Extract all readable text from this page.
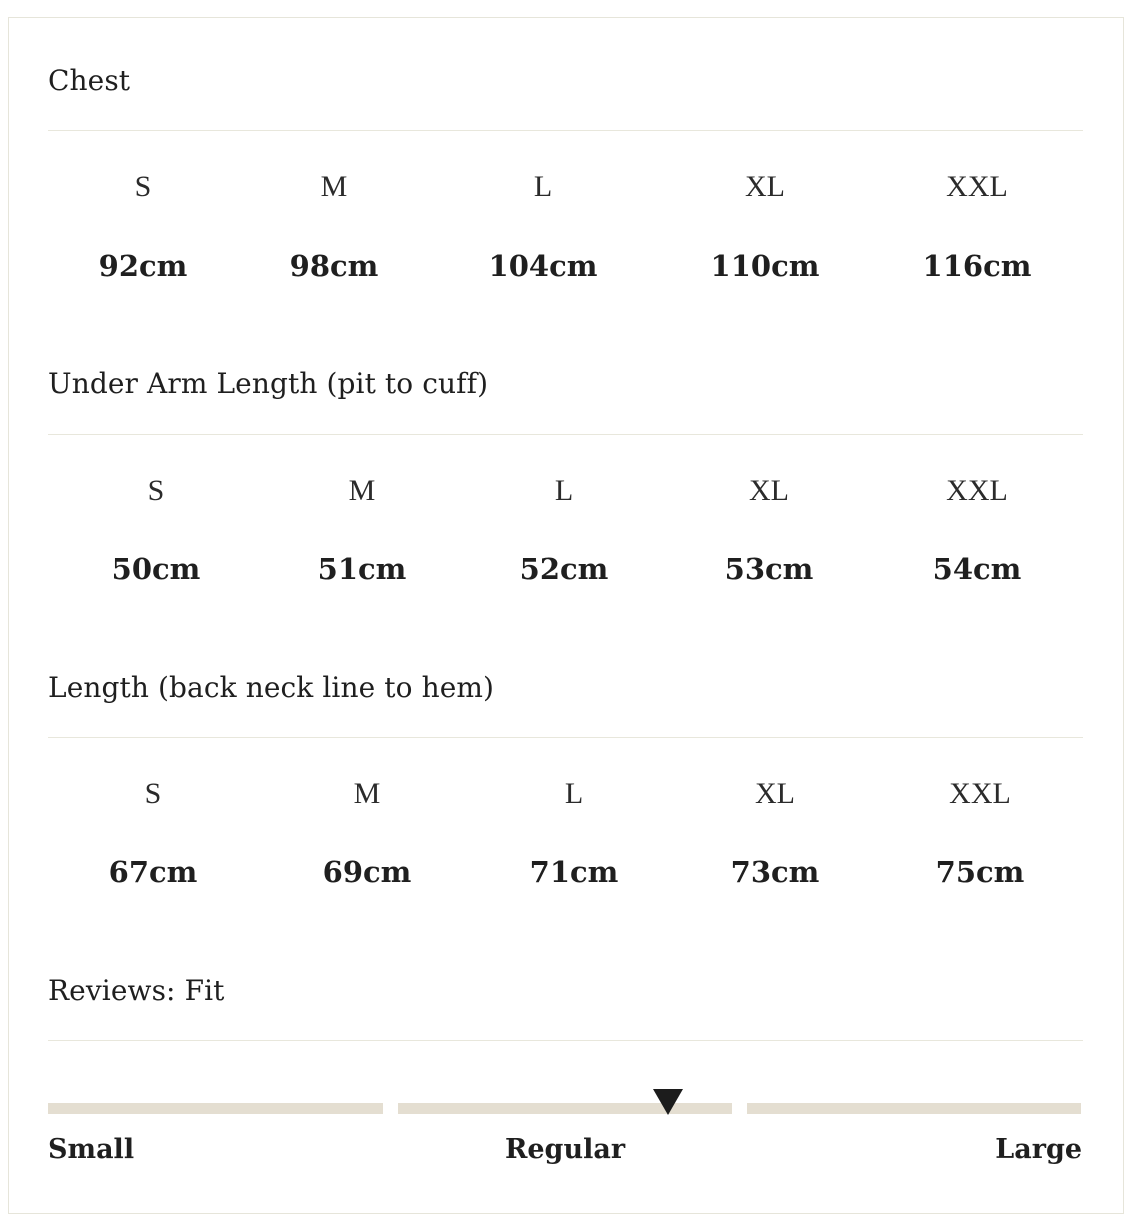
Chest
S	M	L	XL	XXL
92cm	98cm	104cm	110cm	116cm
Under Arm Length (pit to cuff)
S	M	L	XL	XXL
50cm	51cm	52cm	53cm	54cm
Length (back neck line to hem)
S	M	L	XL	XXL
67cm	69cm	71cm	73cm	75cm
Reviews: Fit
Small	Regular	Large
